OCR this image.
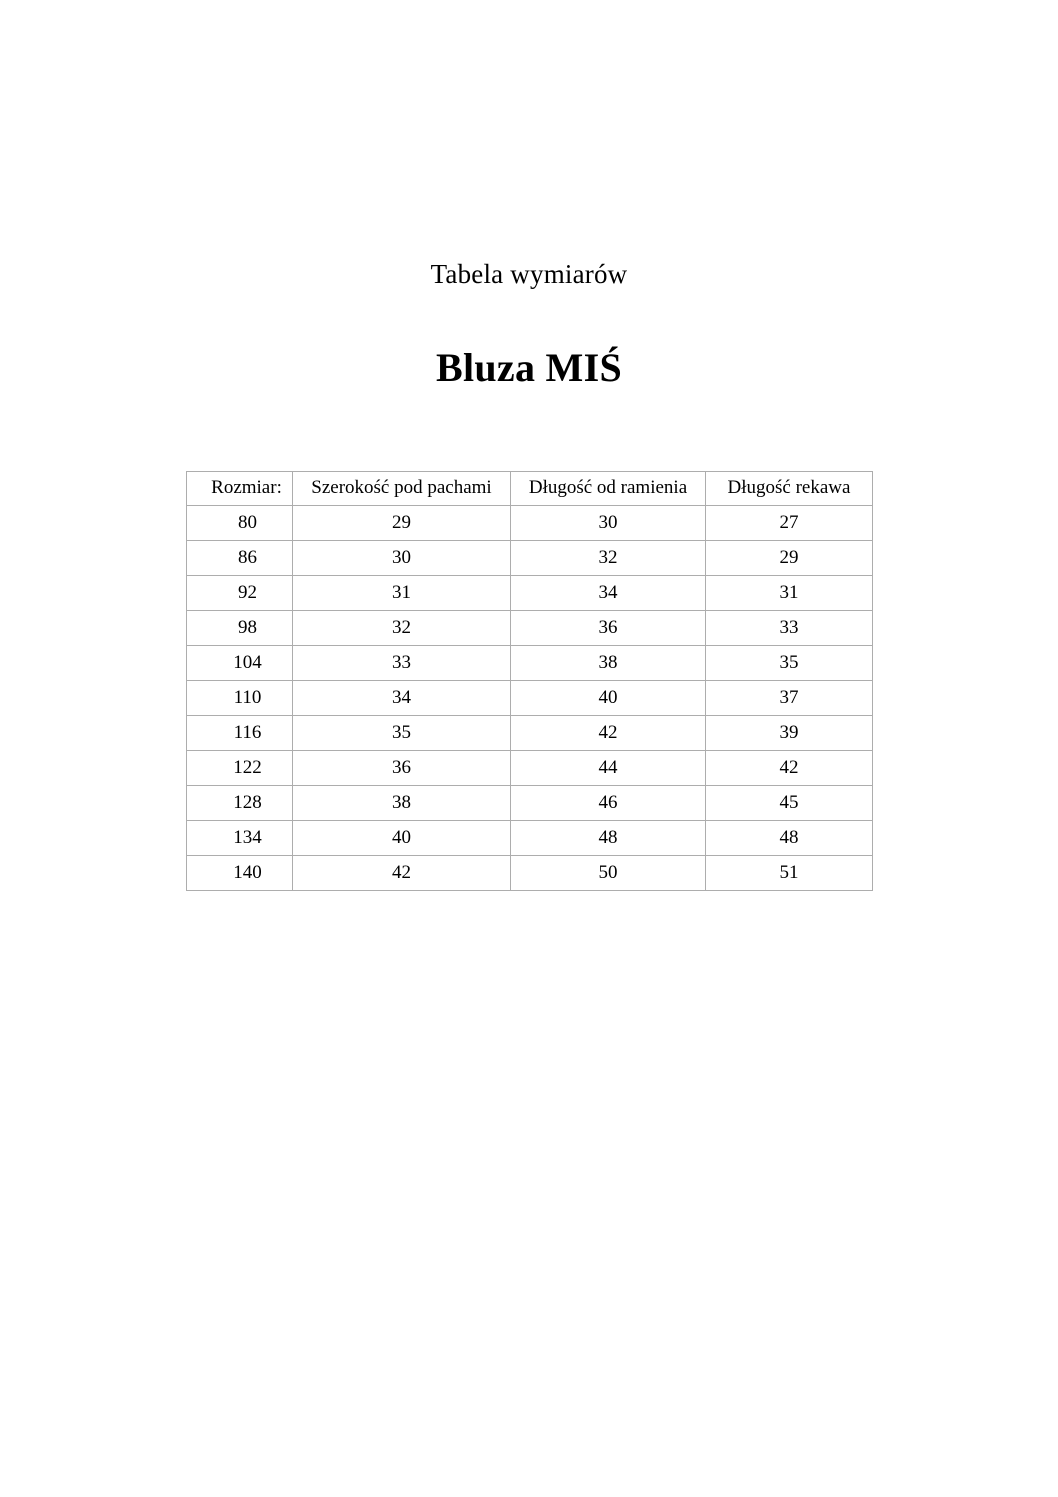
Tabela wymiarów
Bluza MIŚ
Rozmiar:	Szerokość pod pachami	Długość od ramienia	Długość rekawa
80	29	30	27
86	30	32	29
92	31	34	31
98	32	36	33
104	33	38	35
110	34	40	37
116	35	42	39
122	36	44	42
128	38	46	45
134	40	48	48
140	42	50	51
